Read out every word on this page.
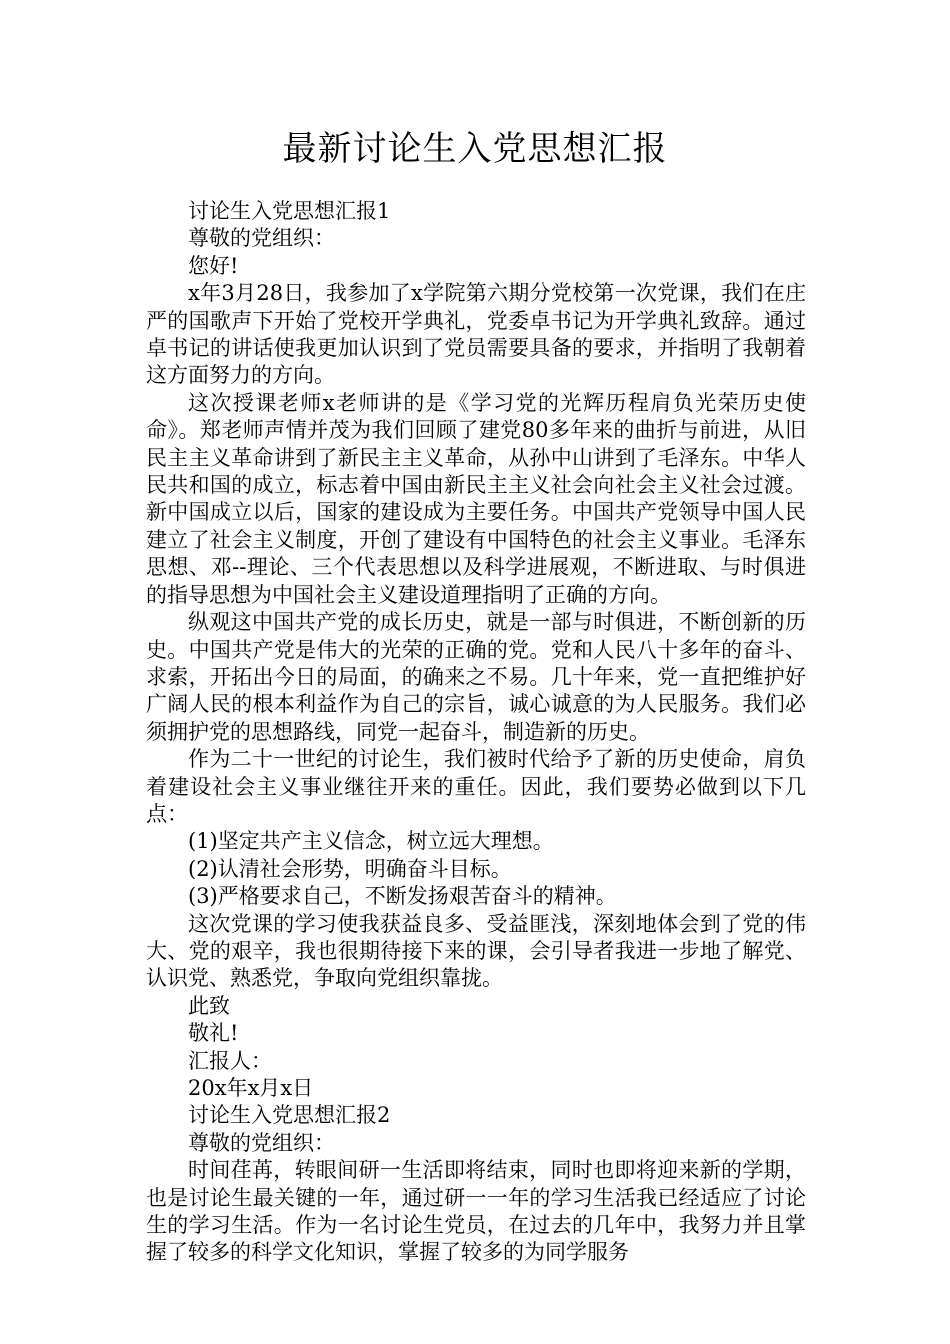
最新讨论生入党思想汇报

讨论生入党思想汇报1

尊敬的党组织：

您好!

x年3月28日，我参加了x学院第六期分党校第一次党课，我们在庄严的国歌声下开始了党校开学典礼，党委卓书记为开学典礼致辞。通过卓书记的讲话使我更加认识到了党员需要具备的要求，并指明了我朝着这方面努力的方向。

这次授课老师x老师讲的是《学习党的光辉历程肩负光荣历史使命》。郑老师声情并茂为我们回顾了建党80多年来的曲折与前进，从旧民主主义革命讲到了新民主主义革命，从孙中山讲到了毛泽东。中华人民共和国的成立，标志着中国由新民主主义社会向社会主义社会过渡。新中国成立以后，国家的建设成为主要任务。中国共产党领导中国人民建立了社会主义制度，开创了建设有中国特色的社会主义事业。毛泽东思想、邓--理论、三个代表思想以及科学进展观，不断进取、与时俱进的指导思想为中国社会主义建设道理指明了正确的方向。

纵观这中国共产党的成长历史，就是一部与时俱进，不断创新的历史。中国共产党是伟大的光荣的正确的党。党和人民八十多年的奋斗、求索，开拓出今日的局面，的确来之不易。几十年来，党一直把维护好广阔人民的根本利益作为自己的宗旨，诚心诚意的为人民服务。我们必须拥护党的思想路线，同党一起奋斗，制造新的历史。

作为二十一世纪的讨论生，我们被时代给予了新的历史使命，肩负着建设社会主义事业继往开来的重任。因此，我们要势必做到以下几点：

(1)坚定共产主义信念，树立远大理想。

(2)认清社会形势，明确奋斗目标。

(3)严格要求自己，不断发扬艰苦奋斗的精神。

这次党课的学习使我获益良多、受益匪浅，深刻地体会到了党的伟大、党的艰辛，我也很期待接下来的课，会引导者我进一步地了解党、认识党、熟悉党，争取向党组织靠拢。

此致

敬礼!

汇报人：

20x年x月x日

讨论生入党思想汇报2

尊敬的党组织：

时间荏苒，转眼间研一生活即将结束，同时也即将迎来新的学期，也是讨论生最关键的一年，通过研一一年的学习生活我已经适应了讨论生的学习生活。作为一名讨论生党员，在过去的几年中，我努力并且掌握了较多的科学文化知识，掌握了较多的为同学服务
